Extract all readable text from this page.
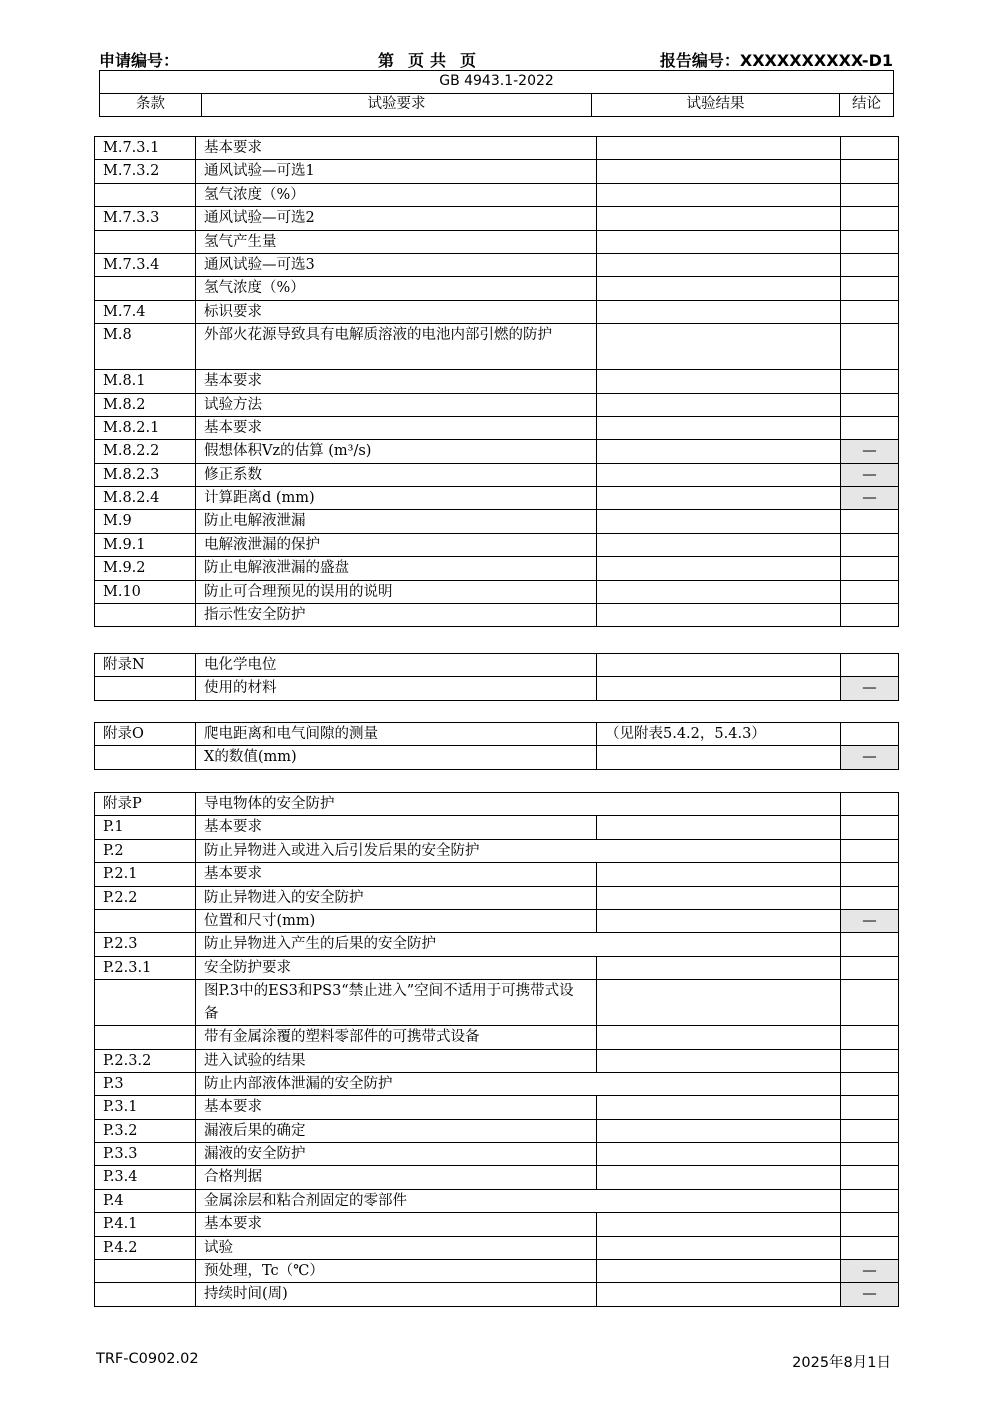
申请编号：	第 页 共 页	报告编号：XXXXXXXXXX-D1
GB 4943.1-2022
条款	试验要求	试验结果	结论
M.7.3.1	基本要求		
M.7.3.2	通风试验—可选1		
	氢气浓度（%）		
M.7.3.3	通风试验—可选2		
	氢气产生量		
M.7.3.4	通风试验—可选3		
	氢气浓度（%）		
M.7.4	标识要求		
M.8	外部火花源导致具有电解质溶液的电池内部引燃的防护		
M.8.1	基本要求		
M.8.2	试验方法		
M.8.2.1	基本要求		
M.8.2.2	假想体积Vz的估算 (m³/s)		—
M.8.2.3	修正系数		—
M.8.2.4	计算距离d (mm)		—
M.9	防止电解液泄漏		
M.9.1	电解液泄漏的保护		
M.9.2	防止电解液泄漏的盛盘		
M.10	防止可合理预见的误用的说明		
	指示性安全防护		
附录N	电化学电位		
	使用的材料		—
附录O	爬电距离和电气间隙的测量	（见附表5.4.2，5.4.3）	
	X的数值(mm)		—
附录P	导电物体的安全防护		
P.1	基本要求		
P.2	防止异物进入或进入后引发后果的安全防护		
P.2.1	基本要求		
P.2.2	防止异物进入的安全防护		
	位置和尺寸(mm)		—
P.2.3	防止异物进入产生的后果的安全防护		
P.2.3.1	安全防护要求		
	图P.3中的ES3和PS3“禁止进入”空间不适用于可携带式设备		
	带有金属涂覆的塑料零部件的可携带式设备		
P.2.3.2	进入试验的结果		
P.3	防止内部液体泄漏的安全防护		
P.3.1	基本要求		
P.3.2	漏液后果的确定		
P.3.3	漏液的安全防护		
P.3.4	合格判据		
P.4	金属涂层和粘合剂固定的零部件		
P.4.1	基本要求		
P.4.2	试验		
	预处理，Tc（℃）		—
	持续时间(周)		—
TRF-C0902.02	2025年8月1日
